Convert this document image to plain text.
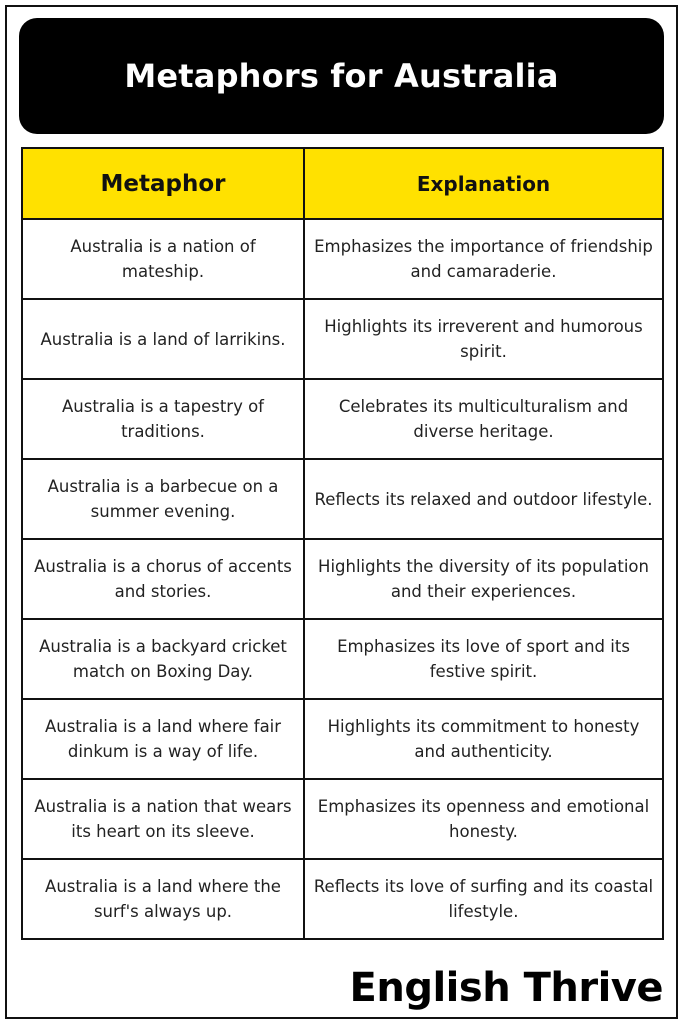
Metaphors for Australia
Metaphor	Explanation
Australia is a nation of mateship.	Emphasizes the importance of friendship and camaraderie.
Australia is a land of larrikins.	Highlights its irreverent and humorous spirit.
Australia is a tapestry of traditions.	Celebrates its multiculturalism and diverse heritage.
Australia is a barbecue on a summer evening.	Reflects its relaxed and outdoor lifestyle.
Australia is a chorus of accents and stories.	Highlights the diversity of its population and their experiences.
Australia is a backyard cricket match on Boxing Day.	Emphasizes its love of sport and its festive spirit.
Australia is a land where fair dinkum is a way of life.	Highlights its commitment to honesty and authenticity.
Australia is a nation that wears its heart on its sleeve.	Emphasizes its openness and emotional honesty.
Australia is a land where the surf's always up.	Reflects its love of surfing and its coastal lifestyle.
English Thrive
